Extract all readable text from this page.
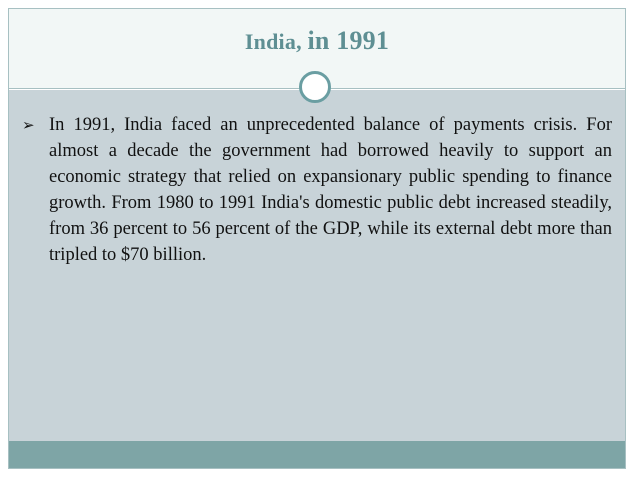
India, in 1991
➢ In 1991, India faced an unprecedented balance of payments crisis. For almost a decade the government had borrowed heavily to support an economic strategy that relied on expansionary public spending to finance growth. From 1980 to 1991 India's domestic public debt increased steadily, from 36 percent to 56 percent of the GDP, while its external debt more than tripled to $70 billion.
